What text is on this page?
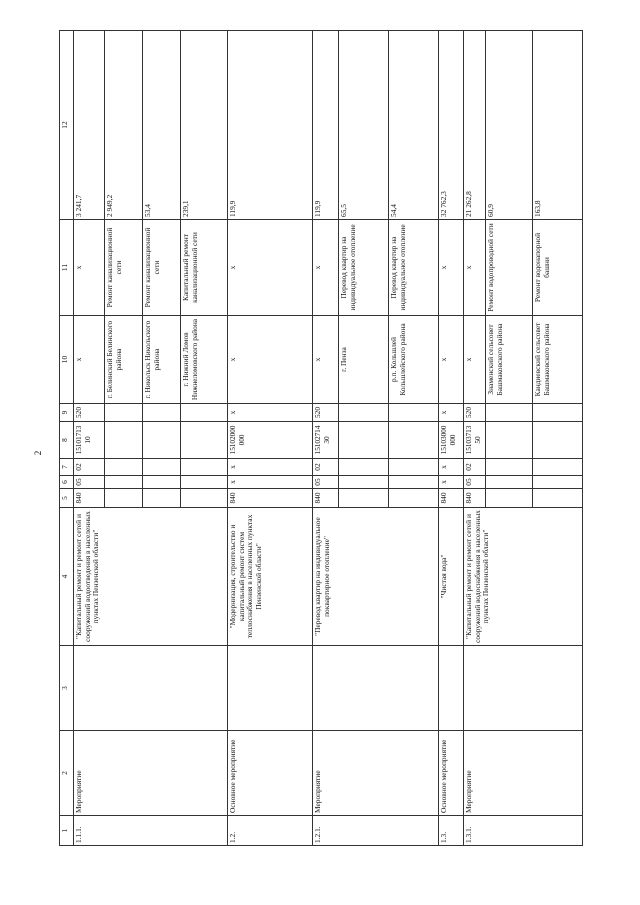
2
1	2	3	4	5	6	7	8	9	10	11	12
1.1.1.	Мероприятие		"Капитальный ремонт и ремонт сетей и сооружений водоотведения в населенных пунктах Пензенской области"	840	05	02	15101713 10	520	х	х	3 241,7
									г. Белинский Белинского района	Ремонт канализационной сети	2 949,2
									г. Никольск Никольского района	Ремонт канализационной сети	53,4
									г. Нижний Ломов Нижнеломовского района	Капитальный ремонт канализационной сети	239,1
1.2.	Основное мероприятие		"Модернизация, строительство и капитальный ремонт систем теплоснабжения в населенных пунктах Пензенской области"	840	х	х	15102000 000	х	х	х	119,9
1.2.1.	Мероприятие		"Перевод квартир на индивидуальное поквартирное отопление"	840	05	02	15102714 30	520	х	х	119,9
									г. Пенза	Перевод квартир на индивидуальное отопление	65,5
									р.п. Кольшлей Кольшлейского района	Перевод квартир на индивидуальное отопление	54,4
1.3.	Основное мероприятие		"Чистая вода"	840	х	х	15103000 000	х	х	х	32 762,3
1.3.1.	Мероприятие		"Капитальный ремонт и ремонт сетей и сооружений водоснабжения в населенных пунктах Пензенской области"	840	05	02	15103713 50	520	х	х	21 262,8
									Знаменский сельсовет Башмаковского района	Ремонт водопроводной сети	60,9
									Кандиевский сельсовет Башмаковского района	Ремонт водонапорной башни	163,8
